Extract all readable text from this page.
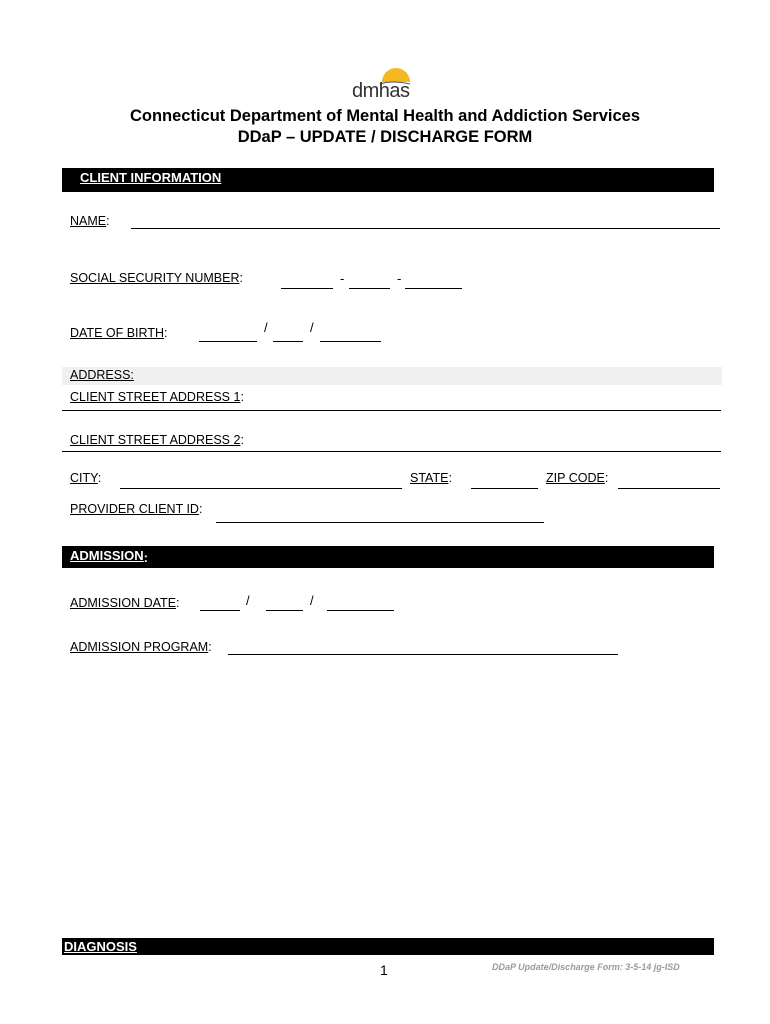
dmhas
Connecticut Department of Mental Health and Addiction Services
DDaP – UPDATE / DISCHARGE FORM
CLIENT INFORMATION
NAME:
SOCIAL SECURITY NUMBER:	-	-
DATE OF BIRTH:	/	/
ADDRESS:
CLIENT STREET ADDRESS 1:
CLIENT STREET ADDRESS 2:
CITY:	STATE:	ZIP CODE:
PROVIDER CLIENT ID:
ADMISSION :
ADMISSION DATE:	/	/
ADMISSION PROGRAM:
DIAGNOSIS
1	DDaP Update/Discharge Form: 3-5-14 jg-ISD
